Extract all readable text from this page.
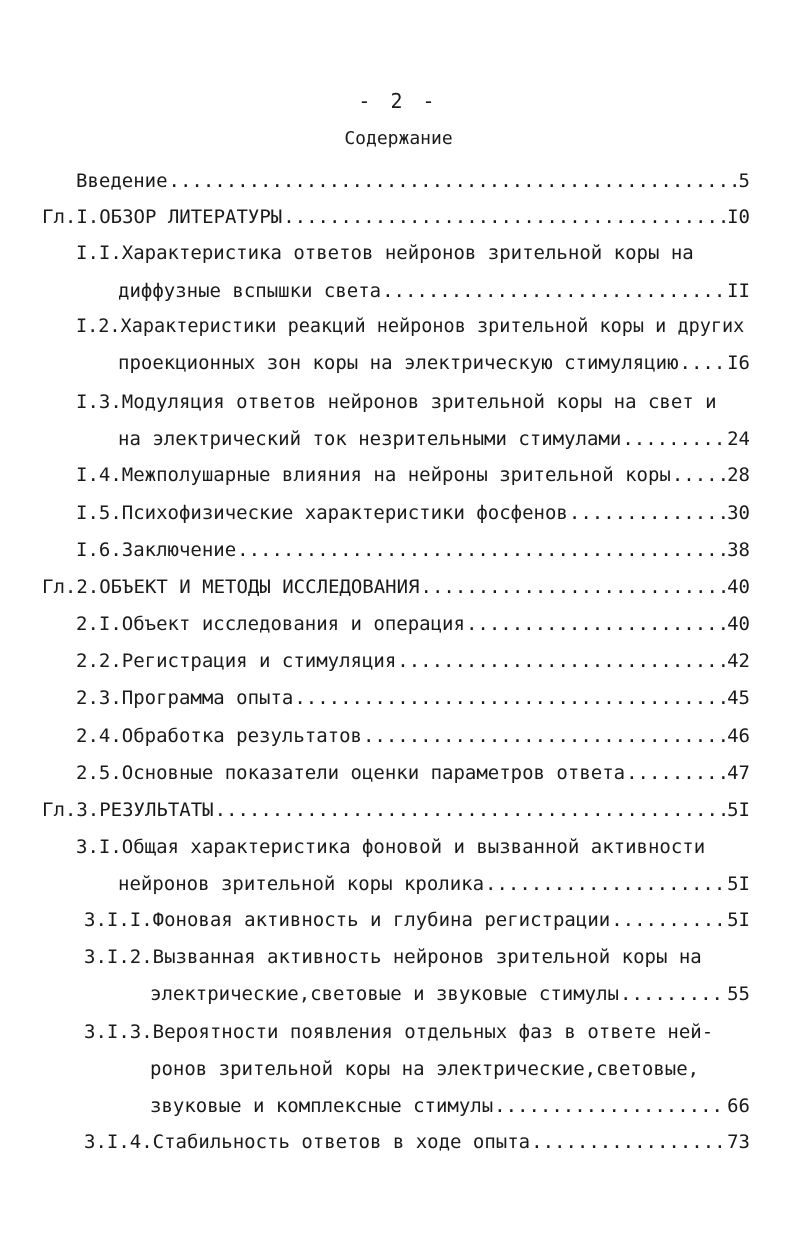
- 2 -
Содержание
Введение .....	5
Гл.I.ОБЗОР ЛИТЕРАТУРЫ .....	I0
I.I.Характеристика ответов нейронов зрительной коры на
диффузные вспышки света .....	II
I.2.Характеристики реакций нейронов зрительной коры и других
проекционных зон коры на электрическую стимуляцию .....	I6
I.3.Модуляция ответов нейронов зрительной коры на свет и
на электрический ток незрительными стимулами .....	24
I.4.Межполушарные влияния на нейроны зрительной коры .....	28
I.5.Психофизические характеристики фосфенов .....	30
I.6.Заключение .....	38
Гл.2.ОБЪЕКТ И МЕТОДЫ ИССЛЕДОВАНИЯ .....	40
2.I.Объект исследования и операция .....	40
2.2.Регистрация и стимуляция .....	42
2.3.Программа опыта .....	45
2.4.Обработка результатов .....	46
2.5.Основные показатели оценки параметров ответа .....	47
Гл.3.РЕЗУЛЬТАТЫ .....	5I
3.I.Общая характеристика фоновой и вызванной активности
нейронов зрительной коры кролика .....	5I
3.I.I.Фоновая активность и глубина регистрации .....	5I
3.I.2.Вызванная активность нейронов зрительной коры на
электрические,световые и звуковые стимулы .....	55
3.I.3.Вероятности появления отдельных фаз в ответе ней-
ронов зрительной коры на электрические,световые,
звуковые и комплексные стимулы .....	66
3.I.4.Стабильность ответов в ходе опыта .....	73
